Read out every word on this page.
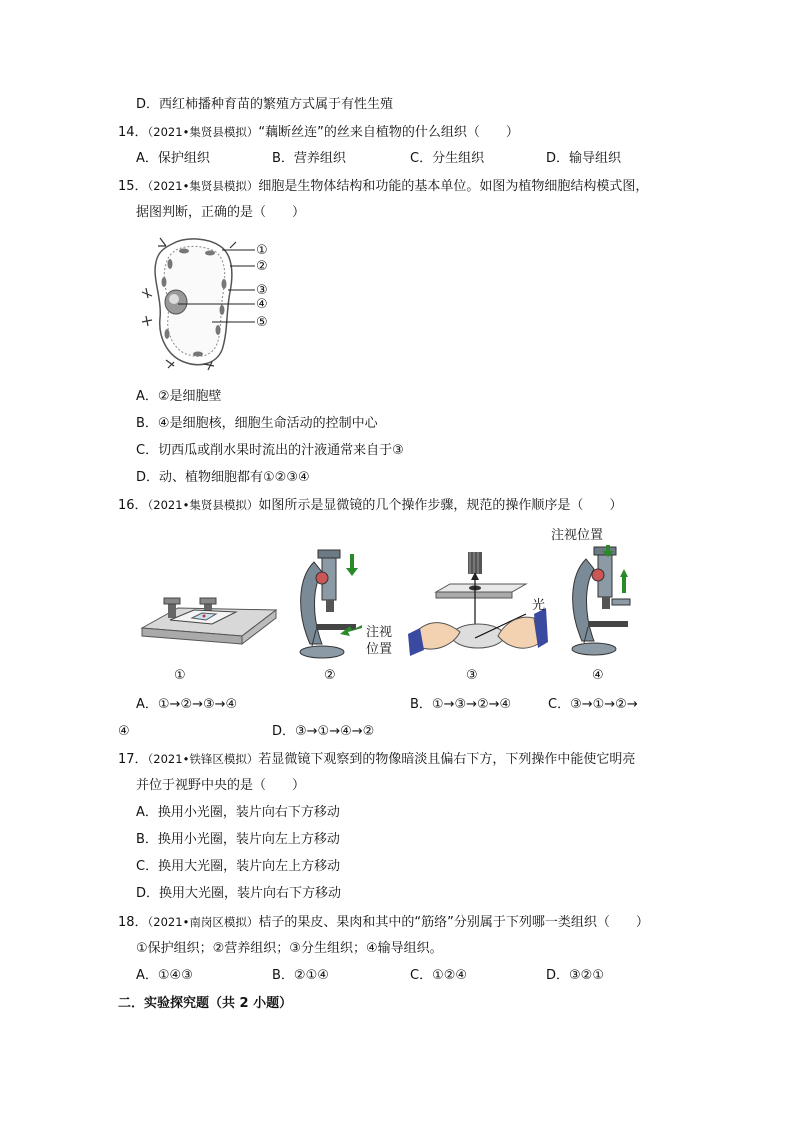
D．西红柿播种育苗的繁殖方式属于有性生殖
14．（2021•集贤县模拟）“藕断丝连”的丝来自植物的什么组织（　　）
A．保护组织	B．营养组织	C．分生组织	D．输导组织
15．（2021•集贤县模拟）细胞是生物体结构和功能的基本单位。如图为植物细胞结构模式图，
据图判断，正确的是（　　）
①
②
③
④
⑤
A．②是细胞壁
B．④是细胞核，细胞生命活动的控制中心
C．切西瓜或削水果时流出的汁液通常来自于③
D．动、植物细胞都有①②③④
16．（2021•集贤县模拟）如图所示是显微镜的几个操作步骤，规范的操作顺序是（　　）
①
注视
位置
②
光
③
注视位置
④
A．①→②→③→④	B．①→③→②→④	C．③→①→②→
④	D．③→①→④→②
17．（2021•铁锋区模拟）若显微镜下观察到的物像暗淡且偏右下方，下列操作中能使它明亮
并位于视野中央的是（　　）
A．换用小光圈，装片向右下方移动
B．换用小光圈，装片向左上方移动
C．换用大光圈，装片向左上方移动
D．换用大光圈，装片向右下方移动
18．（2021•南岗区模拟）桔子的果皮、果肉和其中的“筋络”分别属于下列哪一类组织（　　）
①保护组织；②营养组织；③分生组织；④输导组织。
A．①④③	B．②①④	C．①②④	D．③②①
二．实验探究题（共 2 小题）
